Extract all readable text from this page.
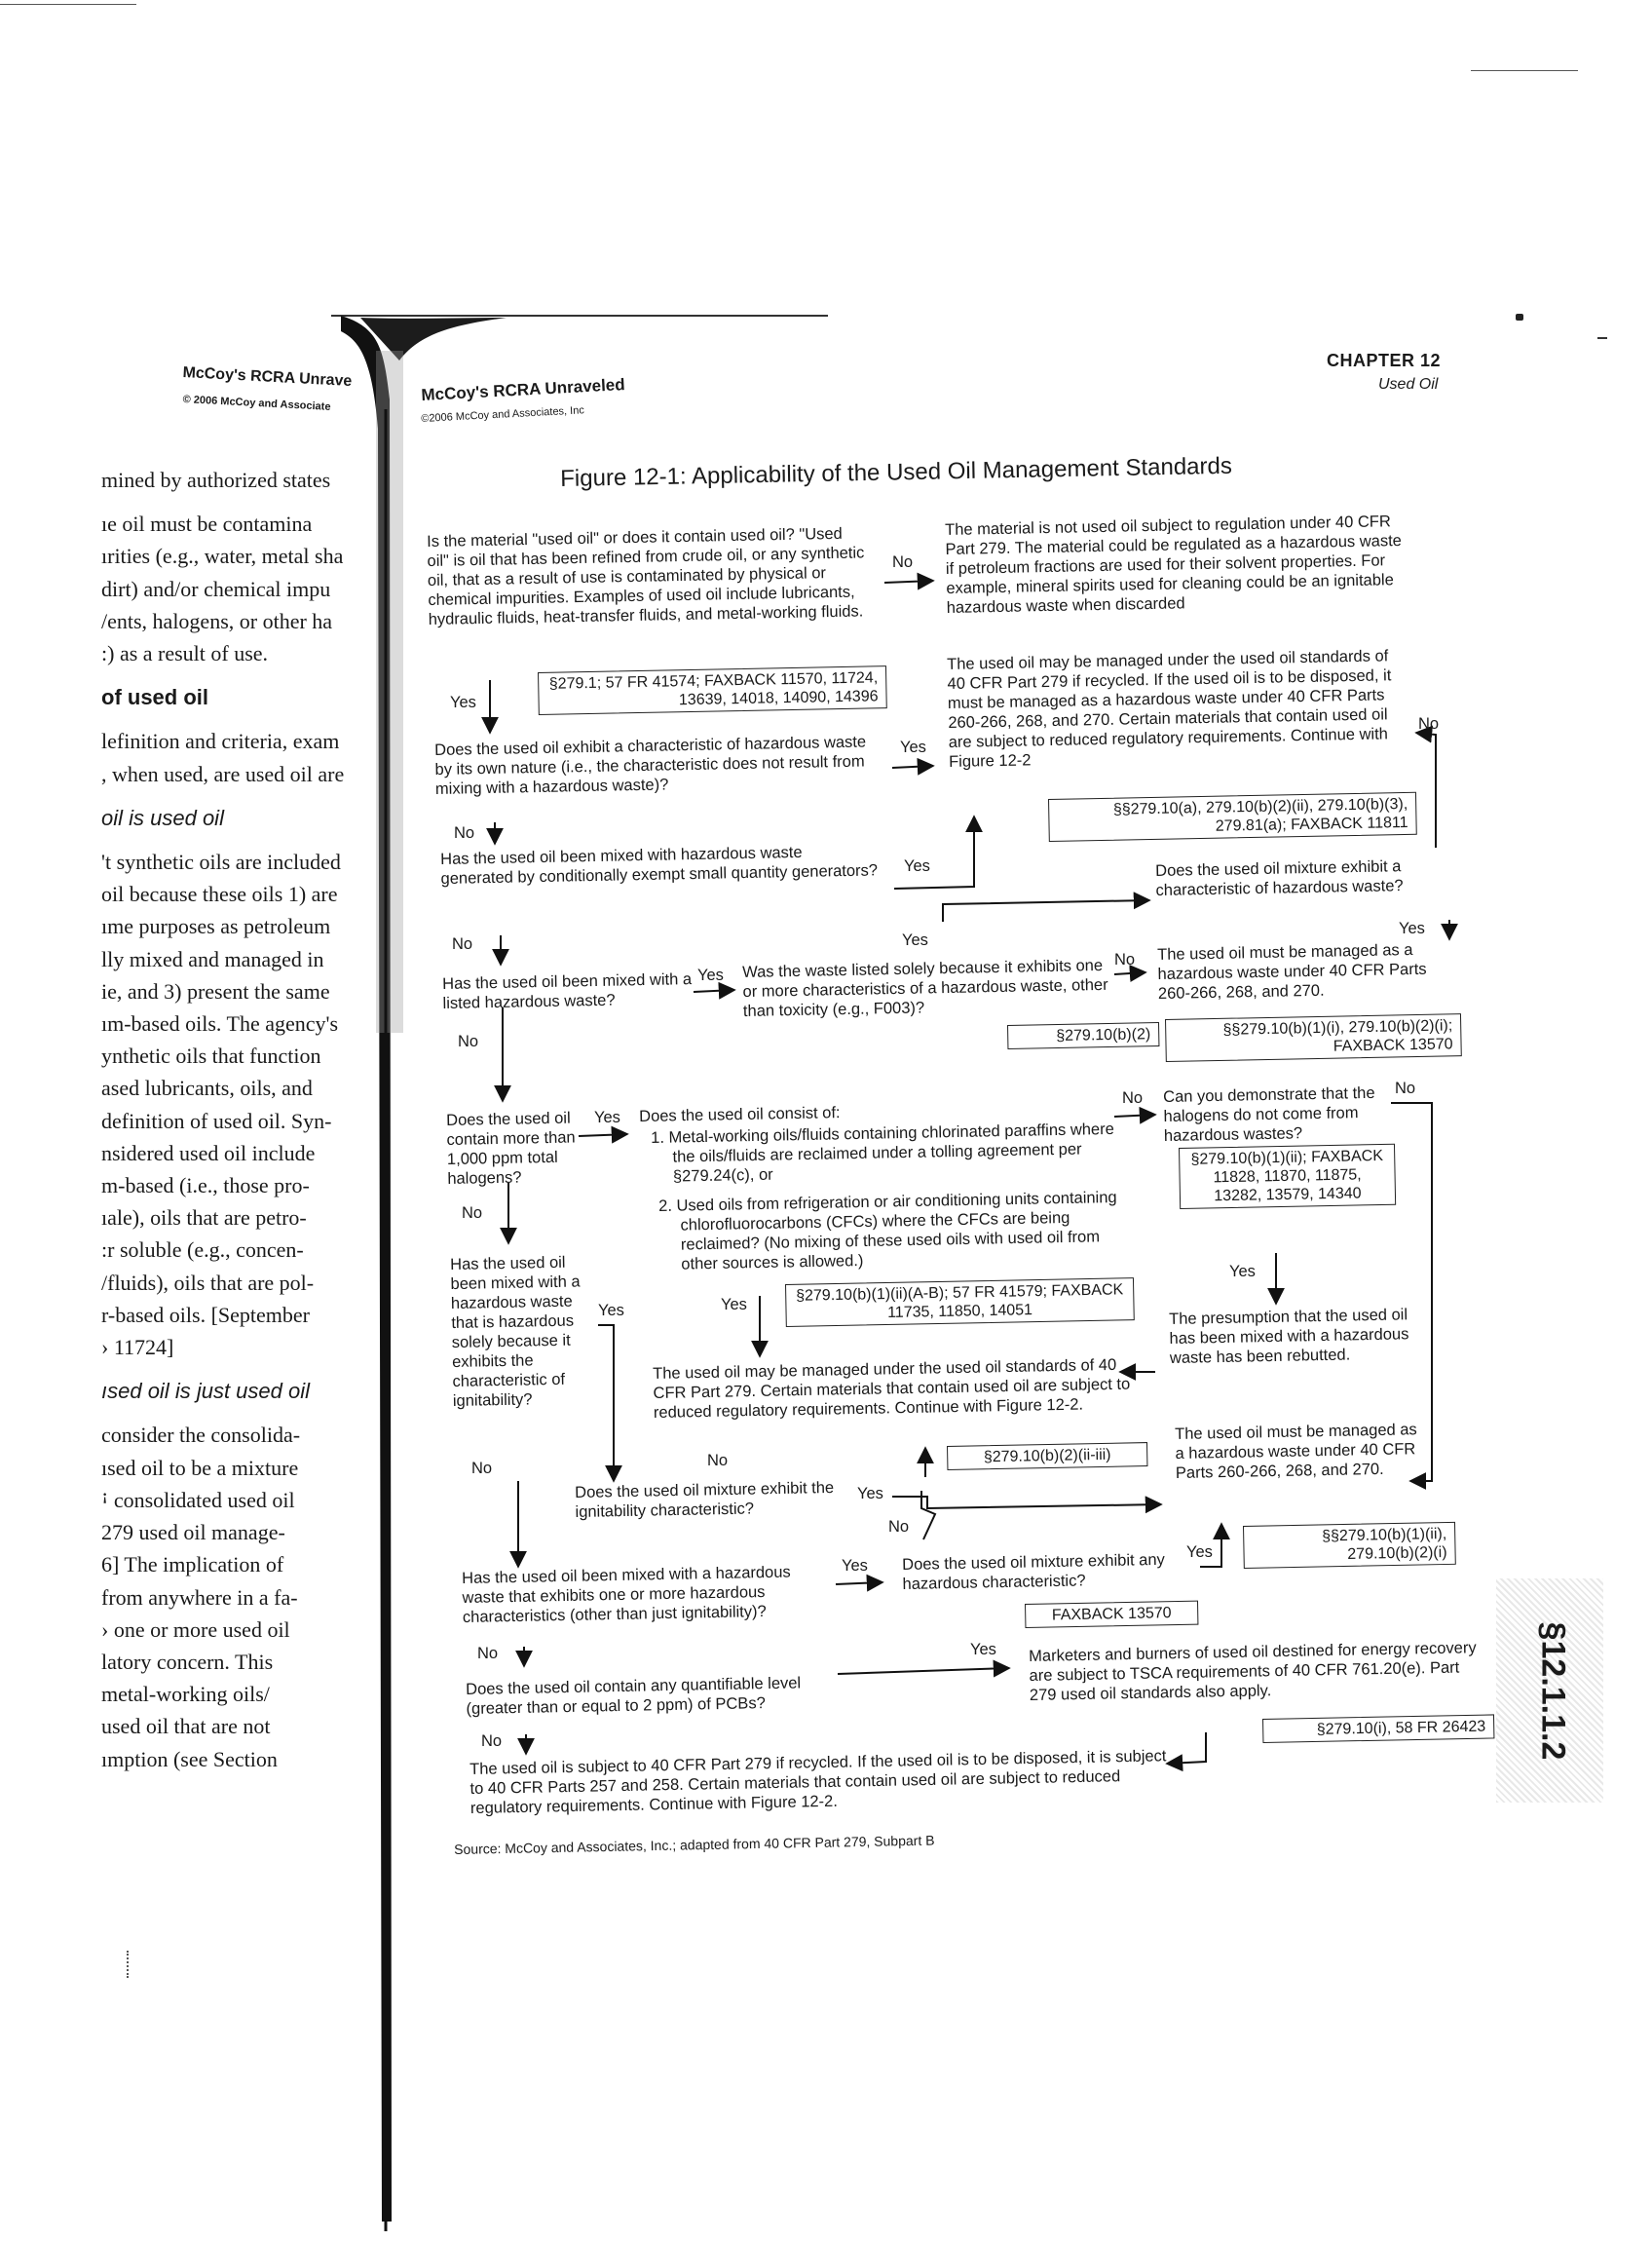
McCoy's RCRA Unrave
© 2006 McCoy and Associate

mined by authorized states

ıe oil must be contamina

ırities (e.g., water, metal sha

dirt) and/or chemical impu

/ents, halogens, or other ha

:) as a result of use.

of used oil

lefinition and criteria, exam

, when used, are used oil are

oil is used oil

't synthetic oils are included

oil because these oils 1) are

ıme purposes as petroleum

lly mixed and managed in

ie, and 3) present the same

ım-based oils. The agency's

ynthetic oils that function

ased lubricants, oils, and

definition of used oil. Syn-

nsidered used oil include

m-based (i.e., those pro-

ıale), oils that are petro-

:r soluble (e.g., concen-

/fluids), oils that are pol-

r-based oils. [September

› 11724]

ısed oil is just used oil

consider the consolida-

ısed oil to be a mixture

ꜟ consolidated used oil

279 used oil manage-

6] The implication of

from anywhere in a fa-

› one or more used oil

latory concern. This

metal-working oils/

used oil that are not

ımption (see Section

McCoy's RCRA Unraveled
©2006 McCoy and Associates, Inc
CHAPTER 12
Used Oil
Figure 12-1: Applicability of the Used Oil Management Standards
Is the material "used oil" or does it contain used oil? "Used oil" is oil that has been refined from crude oil, or any synthetic oil, that as a result of use is contaminated by physical or chemical impurities. Examples of used oil include lubricants, hydraulic fluids, heat-transfer fluids, and metal-working fluids.
The material is not used oil subject to regulation under 40 CFR Part 279. The material could be regulated as a hazardous waste if petroleum fractions are used for their solvent properties. For example, mineral spirits used for cleaning could be an ignitable hazardous waste when discarded
§279.1; 57 FR 41574; FAXBACK 11570, 11724, 13639, 14018, 14090, 14396
The used oil may be managed under the used oil standards of 40 CFR Part 279 if recycled. If the used oil is to be disposed, it must be managed as a hazardous waste under 40 CFR Parts 260-266, 268, and 270. Certain materials that contain used oil are subject to reduced regulatory requirements. Continue with Figure 12-2
Does the used oil exhibit a characteristic of hazardous waste by its own nature (i.e., the characteristic does not result from mixing with a hazardous waste)?
§§279.10(a), 279.10(b)(2)(ii), 279.10(b)(3), 279.81(a); FAXBACK 11811
Has the used oil been mixed with hazardous waste generated by conditionally exempt small quantity generators?	Does the used oil mixture exhibit a characteristic of hazardous waste?
Has the used oil been mixed with a listed hazardous waste?
Was the waste listed solely because it exhibits one or more characteristics of a hazardous waste, other than toxicity (e.g., F003)?
§279.10(b)(2)
The used oil must be managed as a hazardous waste under 40 CFR Parts 260-266, 268, and 270.
§§279.10(b)(1)(i), 279.10(b)(2)(i); FAXBACK 13570
Does the used oil contain more than 1,000 ppm total halogens?
Does the used oil consist of:
1. Metal-working oils/fluids containing chlorinated paraffins where the oils/fluids are reclaimed under a tolling agreement per §279.24(c), or
2. Used oils from refrigeration or air conditioning units containing chlorofluorocarbons (CFCs) where the CFCs are being reclaimed? (No mixing of these used oils with used oil from other sources is allowed.)
Can you demonstrate that the halogens do not come from hazardous wastes?
§279.10(b)(1)(ii); FAXBACK 11828, 11870, 11875, 13282, 13579, 14340
Has the used oil been mixed with a hazardous waste that is hazardous solely because it exhibits the characteristic of ignitability?
§279.10(b)(1)(ii)(A-B); 57 FR 41579; FAXBACK 11735, 11850, 14051	The presumption that the used oil has been mixed with a hazardous waste has been rebutted.
The used oil may be managed under the used oil standards of 40 CFR Part 279. Certain materials that contain used oil are subject to reduced regulatory requirements. Continue with Figure 12-2.
The used oil must be managed as a hazardous waste under 40 CFR Parts 260-266, 268, and 270.
§279.10(b)(2)(ii-iii)
Does the used oil mixture exhibit the ignitability characteristic?
§§279.10(b)(1)(ii), 279.10(b)(2)(i)
Has the used oil been mixed with a hazardous waste that exhibits one or more hazardous characteristics (other than just ignitability)?
Does the used oil mixture exhibit any hazardous characteristic?
FAXBACK 13570
Does the used oil contain any quantifiable level (greater than or equal to 2 ppm) of PCBs?
Marketers and burners of used oil destined for energy recovery are subject to TSCA requirements of 40 CFR 761.20(e). Part 279 used oil standards also apply.
§279.10(i), 58 FR 26423
The used oil is subject to 40 CFR Part 279 if recycled. If the used oil is to be disposed, it is subject to 40 CFR Parts 257 and 258. Certain materials that contain used oil are subject to reduced regulatory requirements. Continue with Figure 12-2.
Source: McCoy and Associates, Inc.; adapted from 40 CFR Part 279, Subpart B
No
Yes
Yes
No
No
Yes
Yes
No	Yes
Yes
No
No
Yes
No
No
No
Yes
Yes	Yes
No	No
Yes
No
Yes
Yes
No	Yes
No	§12.1.1.2
